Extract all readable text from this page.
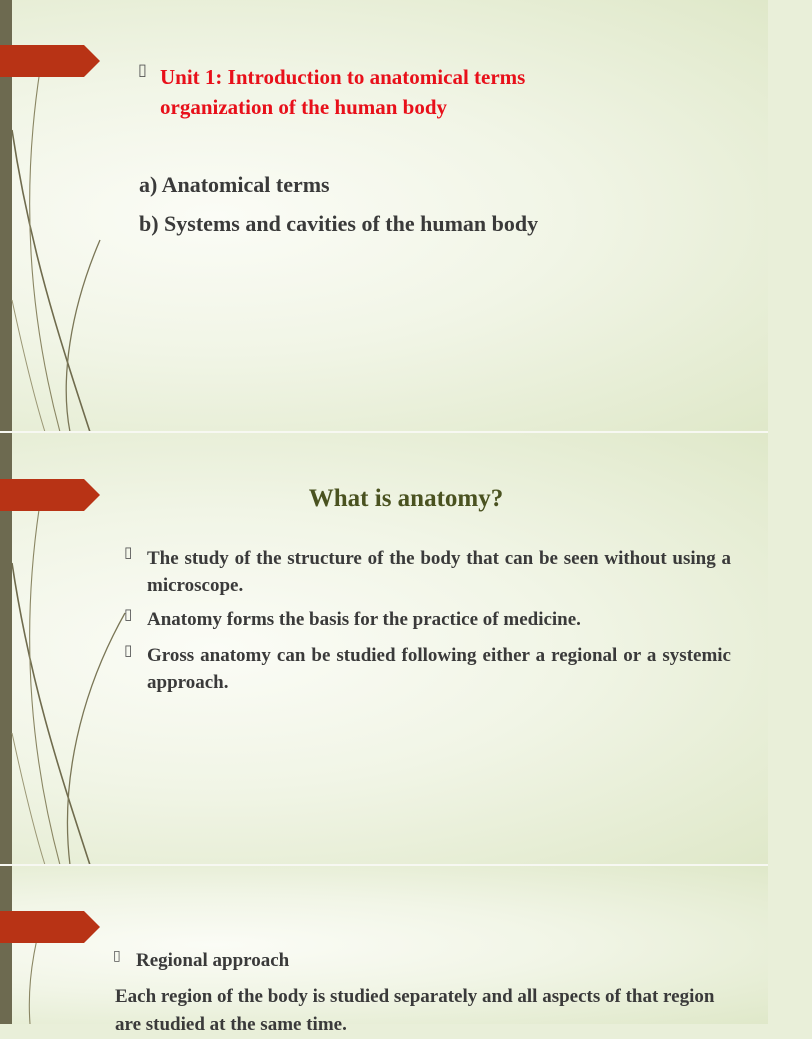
▯ Unit 1: Introduction to anatomical terms organization of the human body

a) Anatomical terms

b) Systems and cavities of the human body

What is anatomy?

▯ The study of the structure of the body that can be seen without using a microscope.

▯ Anatomy forms the basis for the practice of medicine.

▯ Gross anatomy can be studied following either a regional or a systemic approach.

▯ Regional approach

Each region of the body is studied separately and all aspects of that region are studied at the same time.
